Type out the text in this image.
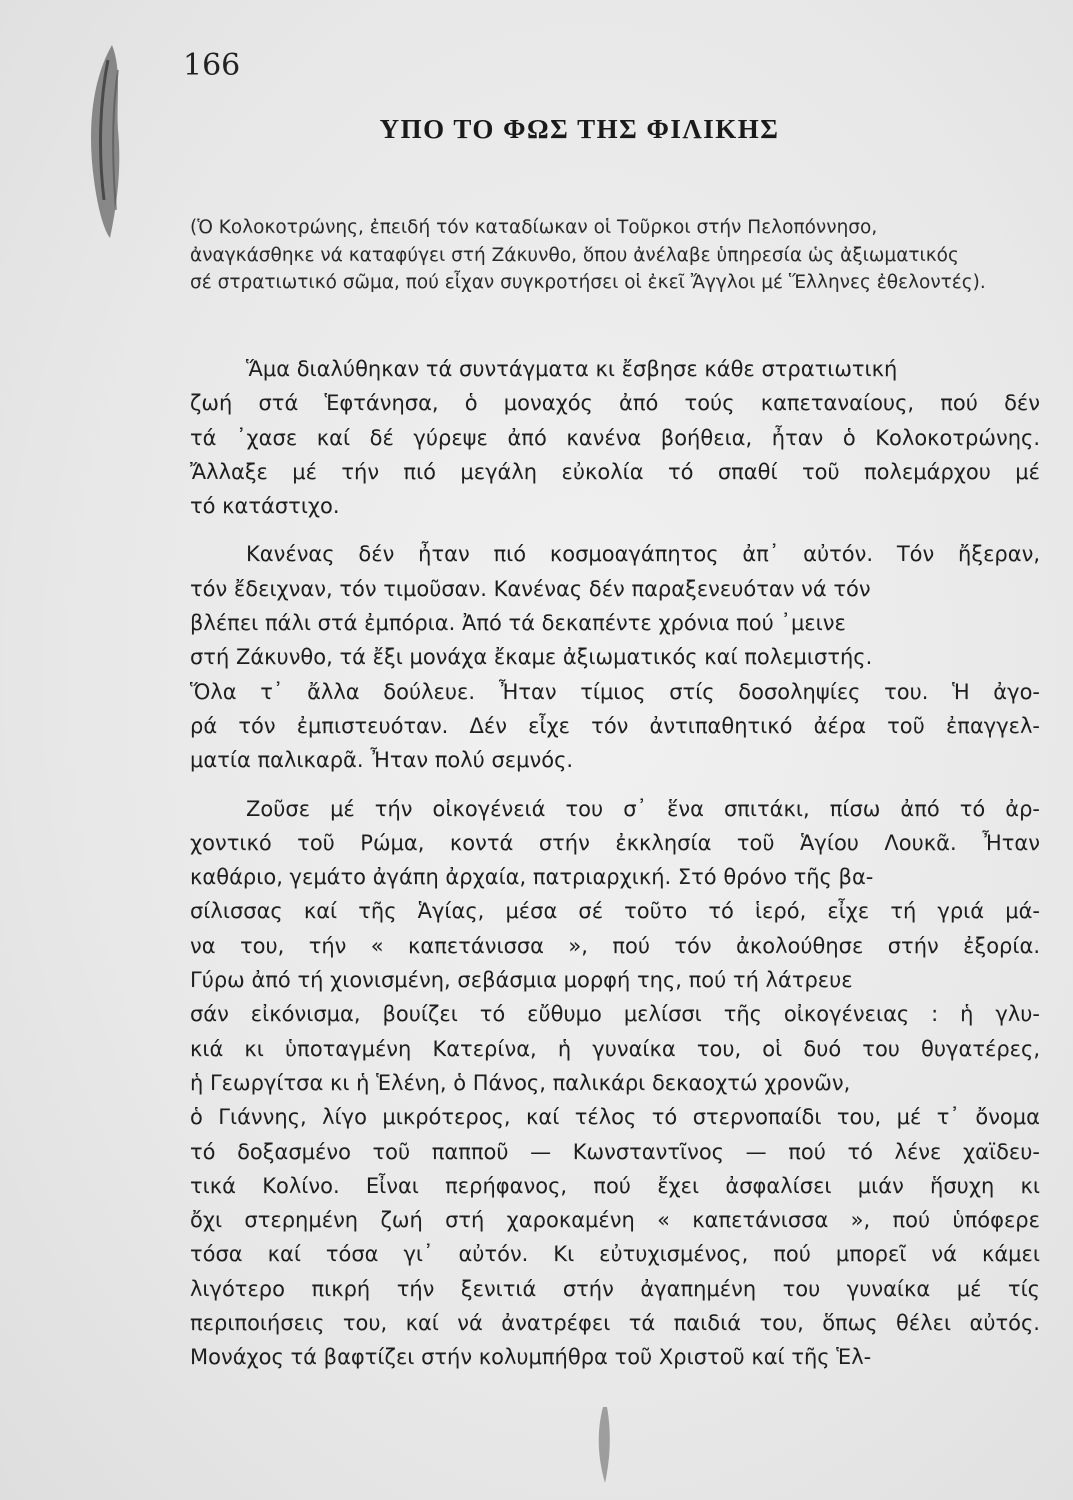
166
ΥΠΟ ΤΟ ΦΩΣ ΤΗΣ ΦΙΛΙΚΗΣ

(Ὁ Κολοκοτρώνης, ἐπειδή τόν καταδίωκαν οἱ Τοῦρκοι στήν Πελοπόννησο,
ἀναγκάσθηκε νά καταφύγει στή Ζάκυνθο, ὅπου ἀνέλαβε ὑπηρεσία ὡς ἀξιωματικός
σέ στρατιωτικό σῶμα, πού εἶχαν συγκροτήσει οἱ ἐκεῖ Ἄγγλοι μέ Ἕλληνες ἐθελοντές).

Ἅμα διαλύθηκαν τά συντάγματα κι ἔσβησε κάθε στρατιωτική
ζωή στά Ἑφτάνησα, ὁ μοναχός ἀπό τούς καπεταναίους, πού δέν
τά ᾽χασε καί δέ γύρεψε ἀπό κανένα βοήθεια, ἦταν ὁ Κολοκοτρώνης.
Ἄλλαξε μέ τήν πιό μεγάλη εὐκολία τό σπαθί τοῦ πολεμάρχου μέ
τό κατάστιχο.
Κανένας δέν ἦταν πιό κοσμοαγάπητος ἀπ᾽ αὐτόν. Τόν ἤξεραν,
τόν ἔδειχναν, τόν τιμοῦσαν. Κανένας δέν παραξενευόταν νά τόν
βλέπει πάλι στά ἐμπόρια. Ἀπό τά δεκαπέντε χρόνια πού ᾽μεινε
στή Ζάκυνθο, τά ἔξι μονάχα ἔκαμε ἀξιωματικός καί πολεμιστής.
Ὅλα τ᾽ ἄλλα δούλευε. Ἦταν τίμιος στίς δοσοληψίες του. Ἡ ἀγο-
ρά τόν ἐμπιστευόταν. Δέν εἶχε τόν ἀντιπαθητικό ἀέρα τοῦ ἐπαγγελ-
ματία παλικαρᾶ. Ἦταν πολύ σεμνός.
Ζοῦσε μέ τήν οἰκογένειά του σ᾽ ἕνα σπιτάκι, πίσω ἀπό τό ἀρ-
χοντικό τοῦ Ρώμα, κοντά στήν ἐκκλησία τοῦ Ἁγίου Λουκᾶ. Ἦταν
καθάριο, γεμάτο ἀγάπη ἀρχαία, πατριαρχική. Στό θρόνο τῆς βα-
σίλισσας καί τῆς Ἁγίας, μέσα σέ τοῦτο τό ἱερό, εἶχε τή γριά μά-
να του, τήν « καπετάνισσα », πού τόν ἀκολούθησε στήν ἐξορία.
Γύρω ἀπό τή χιονισμένη, σεβάσμια μορφή της, πού τή λάτρευε
σάν εἰκόνισμα, βουίζει τό εὔθυμο μελίσσι τῆς οἰκογένειας : ἡ γλυ-
κιά κι ὑποταγμένη Κατερίνα, ἡ γυναίκα του, οἱ δυό του θυγατέρες,
ἡ Γεωργίτσα κι ἡ Ἑλένη, ὁ Πάνος, παλικάρι δεκαοχτώ χρονῶν,
ὁ Γιάννης, λίγο μικρότερος, καί τέλος τό στερνοπαίδι του, μέ τ᾽ ὄνομα
τό δοξασμένο τοῦ παπποῦ — Κωνσταντῖνος — πού τό λένε χαϊδευ-
τικά Κολίνο. Εἶναι περήφανος, πού ἔχει ἀσφαλίσει μιάν ἥσυχη κι
ὄχι στερημένη ζωή στή χαροκαμένη « καπετάνισσα », πού ὑπόφερε
τόσα καί τόσα γι᾽ αὐτόν. Κι εὐτυχισμένος, πού μπορεῖ νά κάμει
λιγότερο πικρή τήν ξενιτιά στήν ἀγαπημένη του γυναίκα μέ τίς
περιποιήσεις του, καί νά ἀνατρέφει τά παιδιά του, ὅπως θέλει αὐτός.
Μονάχος τά βαφτίζει στήν κολυμπήθρα τοῦ Χριστοῦ καί τῆς Ἑλ-
